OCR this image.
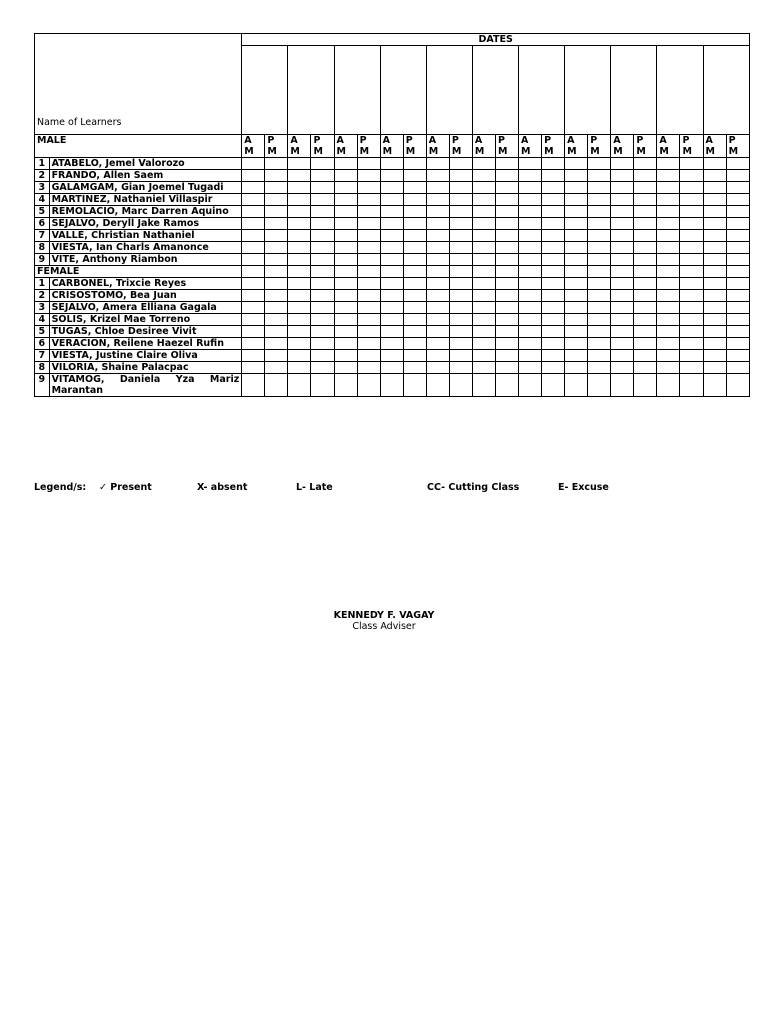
Name of Learners		DATES																					

MALE		A M	P M	A M	P M	A M	P M	A M	P M	A M	P M	A M	P M	A M	P M	A M	P M	A M	P M	A M	P M	A M	P M
1	ATABELO, Jemel Valorozo																						
2	FRANDO, Allen Saem																						
3	GALAMGAM, Gian Joemel Tugadi																						
4	MARTINEZ, Nathaniel Villaspir																						
5	REMOLACIO, Marc Darren Aquino																						
6	SEJALVO, Deryll Jake Ramos																						
7	VALLE, Christian Nathaniel																						
8	VIESTA, Ian Charls Amanonce																						
9	VITE, Anthony Riambon																						
FEMALE																							
1	CARBONEL, Trixcie Reyes																						
2	CRISOSTOMO, Bea Juan																						
3	SEJALVO, Amera Elliana Gagala																						
4	SOLIS, Krizel Mae Torreno																						
5	TUGAS, Chloe Desiree Vivit																						
6	VERACION, Reilene Haezel Rufin																						
7	VIESTA, Justine Claire Oliva																						
8	VILORIA, Shaine Palacpac																						
9	VITAMOG, Daniela Yza Mariz Marantan																						
Legend/s: ✓ Present	X- absent	L- Late	CC- Cutting Class	E- Excuse
KENNEDY F. VAGAY
Class Adviser
